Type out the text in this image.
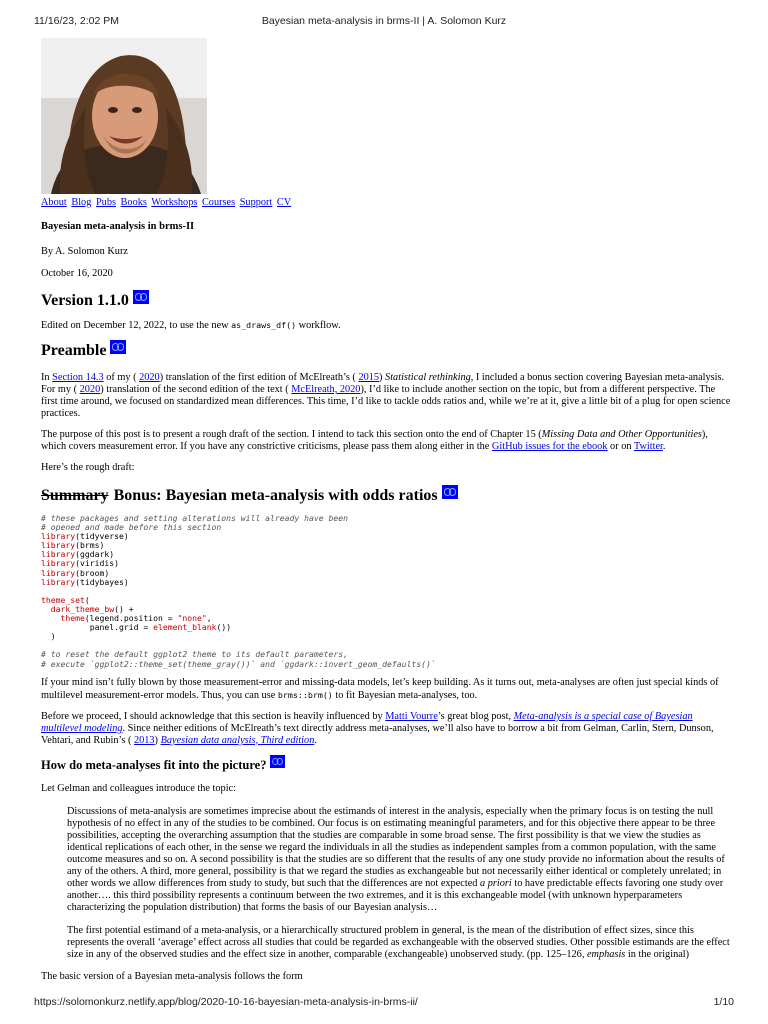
11/16/23, 2:02 PM	Bayesian meta-analysis in brms-II | A. Solomon Kurz
About Blog Pubs Books Workshops Courses Support CV

Bayesian meta-analysis in brms-II

By A. Solomon Kurz

October 16, 2020

Version 1.1.0

Edited on December 12, 2022, to use the new as_draws_df() workflow.

Preamble

In Section 14.3 of my ( 2020) translation of the first edition of McElreath’s ( 2015) Statistical rethinking, I included a bonus section covering Bayesian meta-analysis. For my ( 2020) translation of the second edition of the text ( McElreath, 2020), I’d like to include another section on the topic, but from a different perspective. The first time around, we focused on standardized mean differences. This time, I’d like to tackle odds ratios and, while we’re at it, give a little bit of a plug for open science practices.

The purpose of this post is to present a rough draft of the section. I intend to tack this section onto the end of Chapter 15 (Missing Data and Other Opportunities), which covers measurement error. If you have any constrictive criticisms, please pass them along either in the GitHub issues for the ebook or on Twitter.

Here’s the rough draft:

Summary Bonus: Bayesian meta-analysis with odds ratios
# these packages and setting alterations will already have been
# opened and made before this section
library(tidyverse)
library(brms)
library(ggdark)
library(viridis)
library(broom)
library(tidybayes)

theme_set(
dark_theme_bw() +
theme(legend.position = "none",
panel.grid = element_blank())
)

# to reset the default ggplot2 theme to its default parameters,
# execute `ggplot2::theme_set(theme_gray())` and `ggdark::invert_geom_defaults()`

If your mind isn’t fully blown by those measurement-error and missing-data models, let’s keep building. As it turns out, meta-analyses are often just special kinds of multilevel measurement-error models. Thus, you can use brms::brm() to fit Bayesian meta-analyses, too.

Before we proceed, I should acknowledge that this section is heavily influenced by Matti Vourre’s great blog post, Meta-analysis is a special case of Bayesian multilevel modeling. Since neither editions of McElreath’s text directly address meta-analyses, we’ll also have to borrow a bit from Gelman, Carlin, Stern, Dunson, Vehtari, and Rubin’s ( 2013) Bayesian data analysis, Third edition.

How do meta-analyses fit into the picture?

Let Gelman and colleagues introduce the topic:

Discussions of meta-analysis are sometimes imprecise about the estimands of interest in the analysis, especially when the primary focus is on testing the null hypothesis of no effect in any of the studies to be combined. Our focus is on estimating meaningful parameters, and for this objective there appear to be three possibilities, accepting the overarching assumption that the studies are comparable in some broad sense. The first possibility is that we view the studies as identical replications of each other, in the sense we regard the individuals in all the studies as independent samples from a common population, with the same outcome measures and so on. A second possibility is that the studies are so different that the results of any one study provide no information about the results of any of the others. A third, more general, possibility is that we regard the studies as exchangeable but not necessarily either identical or completely unrelated; in other words we allow differences from study to study, but such that the differences are not expected a priori to have predictable effects favoring one study over another…. this third possibility represents a continuum between the two extremes, and it is this exchangeable model (with unknown hyperparameters characterizing the population distribution) that forms the basis of our Bayesian analysis…

The first potential estimand of a meta-analysis, or a hierarchically structured problem in general, is the mean of the distribution of effect sizes, since this represents the overall ‘average’ effect across all studies that could be regarded as exchangeable with the observed studies. Other possible estimands are the effect size in any of the observed studies and the effect size in another, comparable (exchangeable) unobserved study. (pp. 125–126, emphasis in the original)

The basic version of a Bayesian meta-analysis follows the form

https://solomonkurz.netlify.app/blog/2020-10-16-bayesian-meta-analysis-in-brms-ii/	1/10
